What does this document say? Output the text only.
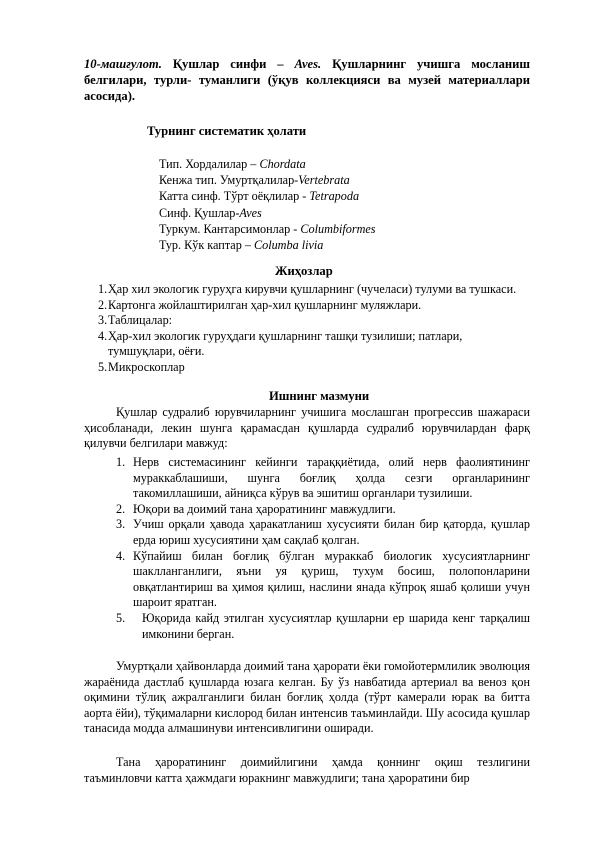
10-машғулот. Қушлар синфи – Aves. Қушларнинг учишга мосланиш белгилари, турли- туманлиги (ўқув коллекцияси ва музей материаллари асосида).
Турнинг систематик ҳолати
Тип. Хордалилар – Chordata
Кенжа тип. Умуртқалилар-Vertebrata
Катта синф. Тўрт оёқлилар - Tetrapoda
Синф. Қушлар-Aves
Туркум. Кантарсимонлар - Columbiformes
Тур. Кўк каптар – Columba livia
Жиҳозлар
1. Ҳар хил экологик гуруҳга кирувчи қушларнинг (чучелаcи) тулуми ва тушкаси.
2. Картонга жойлаштирилган ҳар-хил қушларнинг муляжлари.
3. Таблицалар:
4. Ҳар-хил экологик гуруҳдаги қушларнинг ташқи тузилиши; патлари, тумшуқлари, оёғи.
5. Микроскоплар
Ишнинг мазмуни

Қушлар судралиб юрувчиларнинг учишига мослашган прогрессив шажараси ҳисобланади, лекин шунга қарамасдан қушларда судралиб юрувчилардан фарқ қилувчи белгилари мавжуд:

1. Нерв системасининг кейинги тараққиётида, олий нерв фаолиятининг мураккаблашиши, шунга боғлиқ ҳолда сезги органларининг такомиллашиши, айниқса кўрув ва эшитиш органлари тузилиши.
2. Юқори ва доимий тана ҳароратининг мавжудлиги.
3. Учиш орқали ҳавода ҳаракатланиш хусусияти билан бир қаторда, қушлар ерда юриш хусусиятини ҳам сақлаб қолган.
4. Кўпайиш билан боғлиқ бўлган мураккаб биологик хусусиятларнинг шаклланганлиги, яъни уя қуриш, тухум босиш, полопонларини овқатлантириш ва ҳимоя қилиш, наслини янада кўпроқ яшаб қолиши учун шароит яратган.
5. Юқорида кайд этилган хусусиятлар қушларни ер шарида кенг тарқалиш имконини берган.

Умуртқали ҳайвонларда доимий тана ҳарорати ёки гомойотермлилик эволюция жараёнида дастлаб қушларда юзага келган. Бу ўз навбатида артериал ва веноз қон оқимини тўлиқ ажралганлиги билан боғлиқ ҳолда (тўрт камерали юрак ва битта аорта ёйи), тўқималарни кислород билан интенсив таъминлайди. Шу асосида қушлар танасида модда алмашинуви интенсивлигини оширади.

Тана ҳароратининг доимийлигини ҳамда қоннинг оқиш тезлигини таъминловчи катта ҳажмдаги юракнинг мавжудлиги; тана ҳароратини бир
